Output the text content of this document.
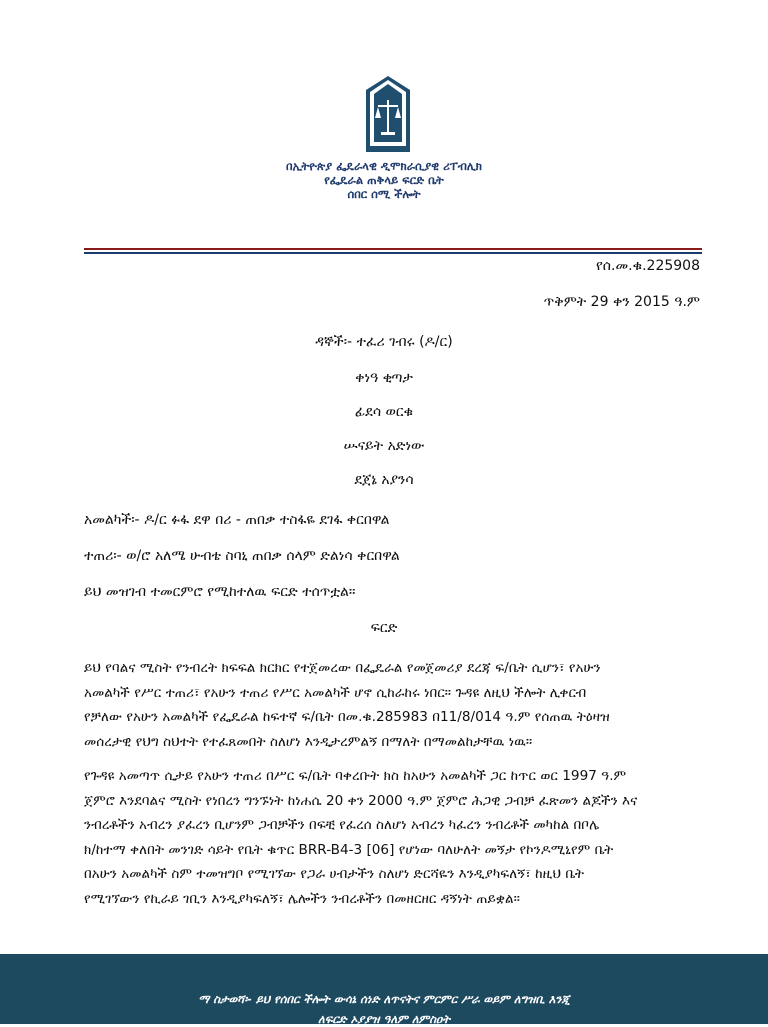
በኢትዮጵያ ፌዴራላዊ ዲሞክራሲያዊ ሪፐብሊክ
የፌዴራል ጠቅላይ ፍርድ ቤት
ሰበር ሰሚ ችሎት
የሰ.መ.ቁ.225908
ጥቅምት 29 ቀን 2015 ዓ.ም
ዳኞች፡- ተፈሪ ገብሩ (ዶ/ር)
ቀነዓ ቂጣታ
ፊደሳ ወርቁ
ሡናይት አድነው
ደጀኔ አያንሳ
አመልካች፡- ዶ/ር ፉፋ ደዋ በሪ - ጠበቃ ተስፋዬ ደገፋ ቀርበዋል
ተጠሪ፡- ወ/ሮ አለሜ ሁብቴ ስባኒ ጠበቃ ሰላም ድልነሳ ቀርበዋል
ይህ መዝገብ ተመርምሮ የሚከተለዉ ፍርድ ተሰጥቷል።
ፍርድ
ይህ የባልና ሚስት የንብረት ክፍፍል ክርክር የተጀመረው በፌዴራል የመጀመሪያ ደረጃ ፍ/ቤት ሲሆን፣ የአሁን
አመልካች የሥር ተጠሪ፣ የአሁን ተጠሪ የሥር አመልካች ሆኖ ሲከራከሩ ነበር። ጉዳዩ ለዚህ ችሎት ሊቀርብ
የቻለው የአሁን አመልካች የፌዴራል ከፍተኛ ፍ/ቤት በመ.ቁ.285983 በ11/8/014 ዓ.ም የሰጠዉ ትዕዛዝ
መሰረታዊ የህግ ስህተት የተፈጸመበት ስለሆነ እንዲታረምልኝ በማለት በማመልከታቸዉ ነዉ።
የጉዳዩ አመጣጥ ሲታይ የአሁን ተጠሪ በሥር ፍ/ቤት ባቀረቡት ክስ ከአሁን አመልካች ጋር ከጥር ወር 1997 ዓ.ም
ጀምሮ እንደባልና ሚስት የነበረን ግንኙነት ከነሐሴ 20 ቀን 2000 ዓ.ም ጀምሮ ሕጋዊ ጋብቻ ፈጽመን ልጆችን እና
ንብረቶችን አብረን ያፈረን ቢሆንም ጋብቻችን በፍቺ የፈረሰ ስለሆነ አብረን ካፈረን ንብረቶች መካከል በቦሌ
ክ/ከተማ ቀለበት መንገድ ሳይት የቤት ቁጥር BRR-B4-3 [06] የሆነው ባለሁለት መኝታ የኮንዶሚኒየም ቤት
በአሁን አመልካች ስም ተመዝግቦ የሚገኘው የጋራ ሀብታችን ስለሆነ ድርሻዬን እንዲያካፍለኝ፣ ከዚህ ቤት
የሚገኘውን የኪራይ ገቢን እንዲያካፍለኝ፣ ሌሎችን ንብረቶችን በመዘርዘር ዳኝነት ጠይቋል፡፡
ማ ስታወሻ፡- ይህ የሰበር ችሎት ውሳኔ ሰነድ ለጥናትና ምርምር ሥራ ወይም ለግዝቢ እንጂ
ለፍርድ ኦያያዝ ዓለም ለምስዐት
